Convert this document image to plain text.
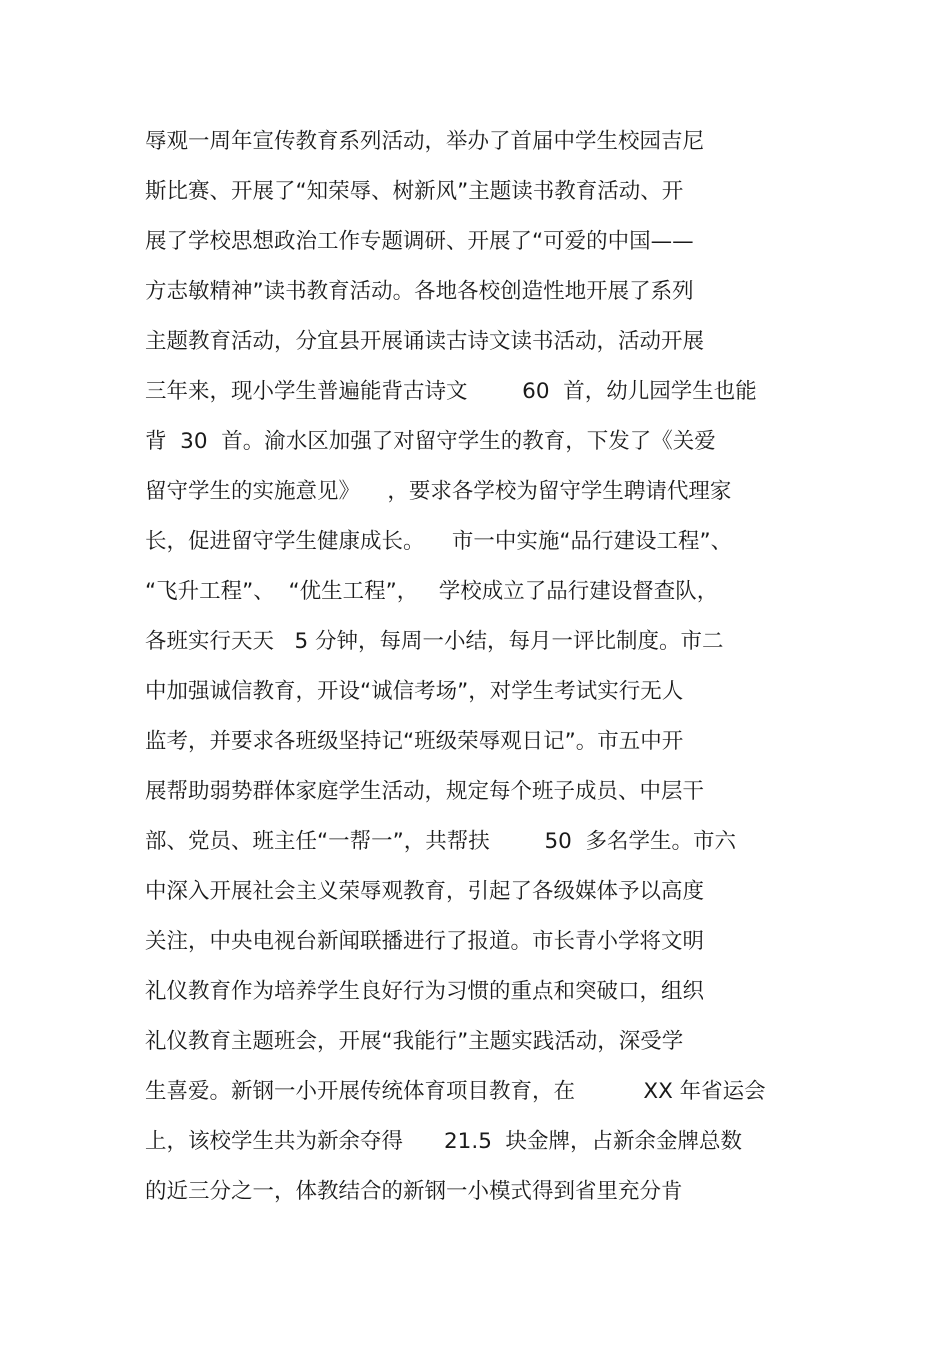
辱观一周年宣传教育系列活动，举办了首届中学生校园吉尼
斯比赛、开展了“知荣辱、树新风”主题读书教育活动、开
展了学校思想政治工作专题调研、开展了“可爱的中国——
方志敏精神”读书教育活动。各地各校创造性地开展了系列
主题教育活动，分宜县开展诵读古诗文读书活动，活动开展
三年来，现小学生普遍能背古诗文        60  首，幼儿园学生也能
背  30  首。渝水区加强了对留守学生的教育，下发了《关爱
留守学生的实施意见》    ，要求各学校为留守学生聘请代理家
长，促进留守学生健康成长。    市一中实施“品行建设工程”、
“飞升工程”、  “优生工程”，   学校成立了品行建设督查队，
各班实行天天   5 分钟，每周一小结，每月一评比制度。市二
中加强诚信教育，开设“诚信考场”，对学生考试实行无人
监考，并要求各班级坚持记“班级荣辱观日记”。市五中开
展帮助弱势群体家庭学生活动，规定每个班子成员、中层干
部、党员、班主任“一帮一”，共帮扶        50  多名学生。市六
中深入开展社会主义荣辱观教育，引起了各级媒体予以高度
关注，中央电视台新闻联播进行了报道。市长青小学将文明
礼仪教育作为培养学生良好行为习惯的重点和突破口，组织
礼仪教育主题班会，开展“我能行”主题实践活动，深受学
生喜爱。新钢一小开展传统体育项目教育，在          XX 年省运会
上，该校学生共为新余夺得      21.5  块金牌，占新余金牌总数
的近三分之一，体教结合的新钢一小模式得到省里充分肯
